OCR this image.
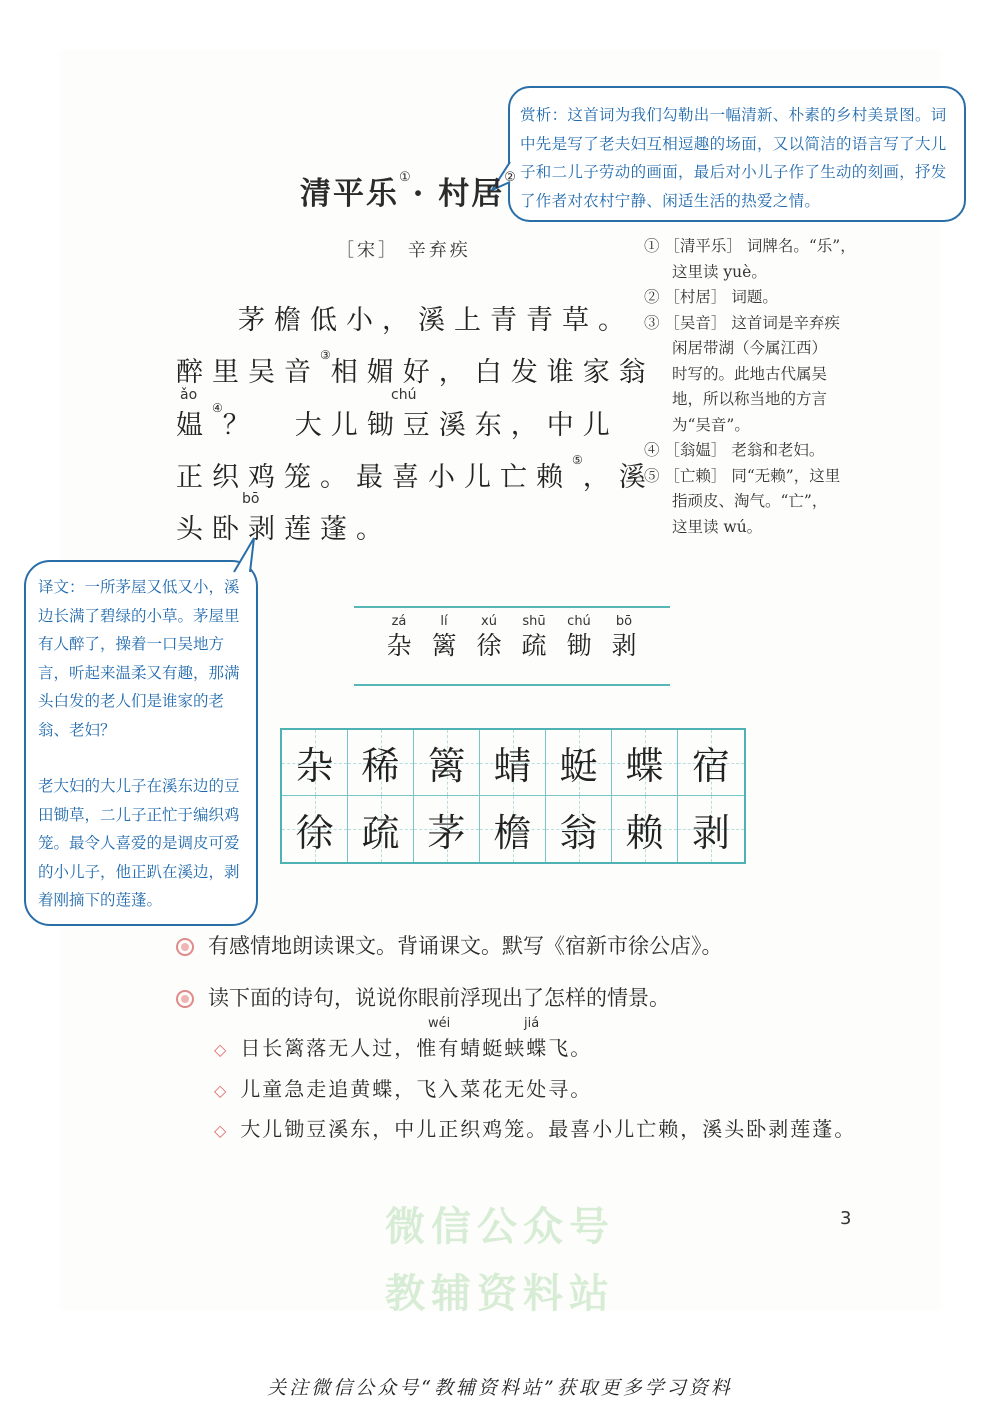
微信公众号
教辅资料站
赏析：这首词为我们勾勒出一幅清新、朴素的乡村美景图。词中先是写了老夫妇互相逗趣的场面，又以简洁的语言写了大儿子和二儿子劳动的画面，最后对小儿子作了生动的刻画，抒发了作者对农村宁静、闲适生活的热爱之情。
清平乐①· 村居②
［宋］ 辛弃疾
茅檐低小，溪上青青草。
醉里吴音③相媚好，白发谁家翁
ǎo	chú
媪④？　大儿锄豆溪东，中儿
正织鸡笼。最喜小儿亡赖⑤，溪
bō
头卧剥莲蓬。
① ［清平乐］ 词牌名。“乐”，
这里读 yuè。
② ［村居］ 词题。
③ ［吴音］ 这首词是辛弃疾
闲居带湖（今属江西）
时写的。此地古代属吴
地，所以称当地的方言
为“吴音”。
④ ［翁媪］ 老翁和老妇。
⑤ ［亡赖］ 同“无赖”，这里
指顽皮、淘气。“亡”，
这里读 wú。
译文：一所茅屋又低又小，溪边长满了碧绿的小草。茅屋里有人醉了，操着一口吴地方言，听起来温柔又有趣，那满头白发的老人们是谁家的老翁、老妇？
老大妇的大儿子在溪东边的豆田锄草，二儿子正忙于编织鸡笼。最令人喜爱的是调皮可爱的小儿子，他正趴在溪边，剥着刚摘下的莲蓬。
zá
杂
lí
篱
xú
徐
shū
疏
chú
锄
bō
剥
杂 稀 篱 蜻 蜓 蝶 宿
徐 疏 茅 檐 翁 赖 剥
有感情地朗读课文。背诵课文。默写《宿新市徐公店》。
读下面的诗句，说说你眼前浮现出了怎样的情景。
wéi	jiá
◇ 日长篱落无人过，惟有蜻蜓蛱蝶飞。
◇ 儿童急走追黄蝶，飞入菜花无处寻。
◇ 大儿锄豆溪东，中儿正织鸡笼。最喜小儿亡赖，溪头卧剥莲蓬。
3
关注微信公众号“教辅资料站”获取更多学习资料
